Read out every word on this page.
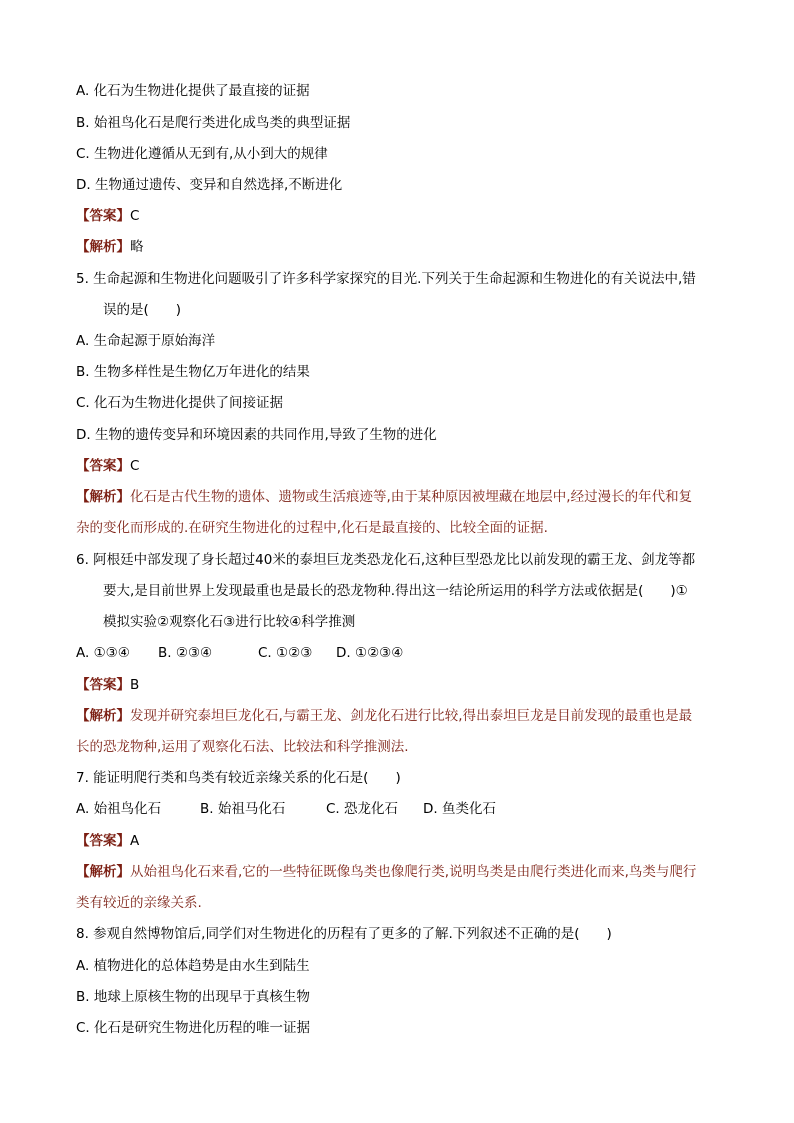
A. 化石为生物进化提供了最直接的证据
B. 始祖鸟化石是爬行类进化成鸟类的典型证据
C. 生物进化遵循从无到有,从小到大的规律
D. 生物通过遗传、变异和自然选择,不断进化
【答案】C
【解析】略
5. 生命起源和生物进化问题吸引了许多科学家探究的目光.下列关于生命起源和生物进化的有关说法中,错
误的是(　　)
A. 生命起源于原始海洋
B. 生物多样性是生物亿万年进化的结果
C. 化石为生物进化提供了间接证据
D. 生物的遗传变异和环境因素的共同作用,导致了生物的进化
【答案】C
【解析】化石是古代生物的遗体、遗物或生活痕迹等,由于某种原因被埋藏在地层中,经过漫长的年代和复
杂的变化而形成的.在研究生物进化的过程中,化石是最直接的、比较全面的证据.
6. 阿根廷中部发现了身长超过40米的泰坦巨龙类恐龙化石,这种巨型恐龙比以前发现的霸王龙、剑龙等都
要大,是目前世界上发现最重也是最长的恐龙物种.得出这一结论所运用的科学方法或依据是(　　)①
模拟实验②观察化石③进行比较④科学推测
A. ①③④ B. ②③④	C. ①②③ D. ①②③④
【答案】B
【解析】发现并研究泰坦巨龙化石,与霸王龙、剑龙化石进行比较,得出泰坦巨龙是目前发现的最重也是最
长的恐龙物种,运用了观察化石法、比较法和科学推测法.
7. 能证明爬行类和鸟类有较近亲缘关系的化石是(　　)
A. 始祖鸟化石	B. 始祖马化石	C. 恐龙化石 D. 鱼类化石
【答案】A
【解析】从始祖鸟化石来看,它的一些特征既像鸟类也像爬行类,说明鸟类是由爬行类进化而来,鸟类与爬行
类有较近的亲缘关系.
8. 参观自然博物馆后,同学们对生物进化的历程有了更多的了解.下列叙述不正确的是(　　)
A. 植物进化的总体趋势是由水生到陆生
B. 地球上原核生物的出现早于真核生物
C. 化石是研究生物进化历程的唯一证据
